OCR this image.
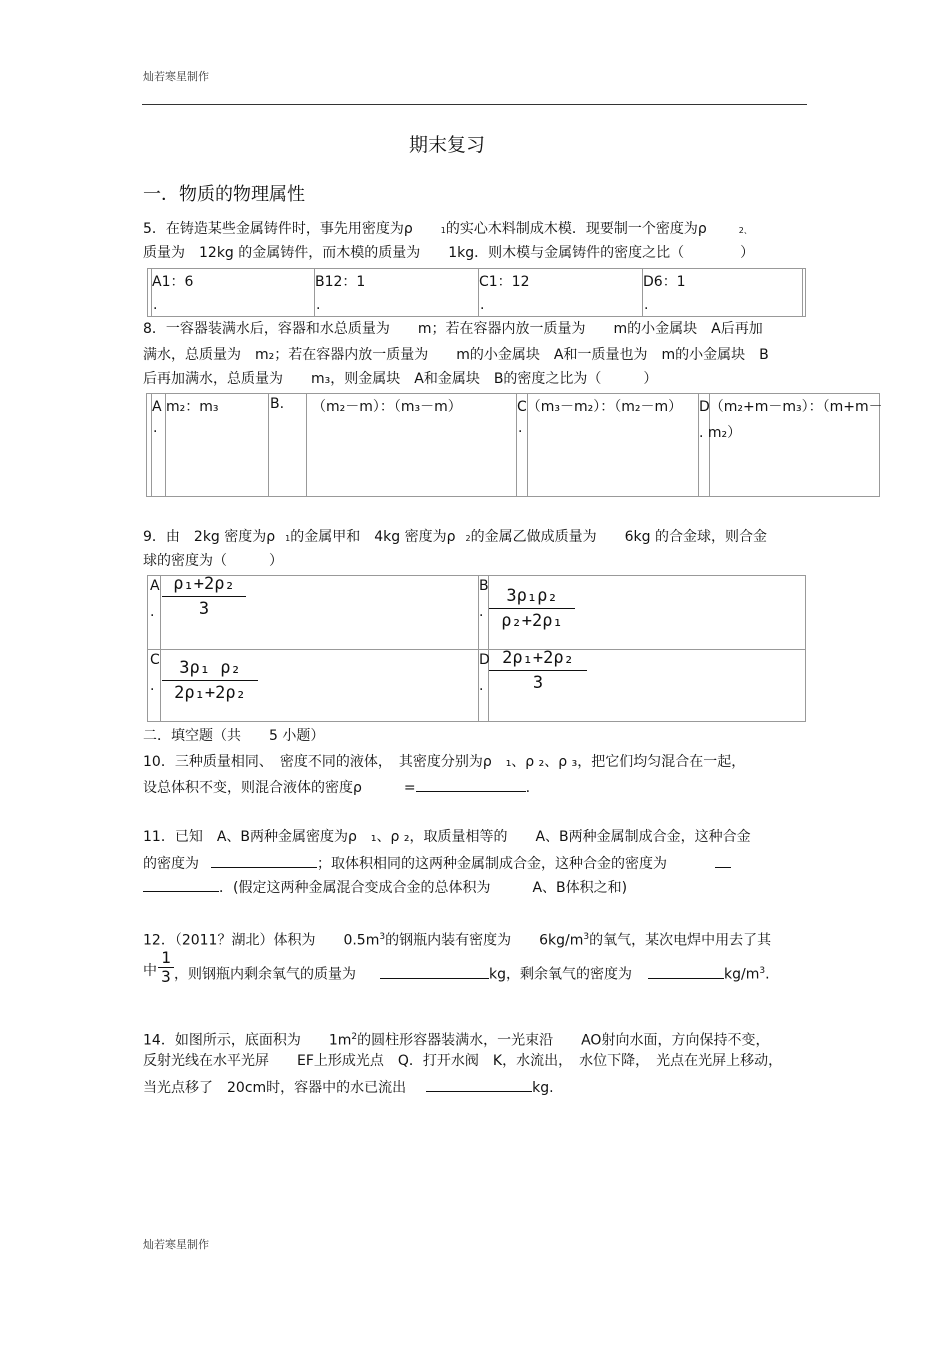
灿若寒星制作
期末复习
一．物质的物理属性
5．在铸造某些金属铸件时，事先用密度为ρ	1的实心木料制成木模．现要制一个密度为ρ	2、
质量为　12kg 的金属铸件，而木模的质量为　　1kg．则木模与金属铸件的密度之比（　　　　）
A1：6
.
B12：1
.
C1：12
.
D6：1
.
8．一容器装满水后，容器和水总质量为　　m；若在容器内放一质量为　　m的小金属块　A后再加
满水，总质量为　m₂；若在容器内放一质量为　　m的小金属块　A和一质量也为　m的小金属块　B
后再加满水，总质量为　　m₃，则金属块　A和金属块　B的密度之比为（　　　）
A m₂：m₃
.
B. （m₂－m）：（m₃－m）	C（m₃－m₂）：（m₂－m）
.
D（m₂+m－m₃）：（m+m－
. m₂）
9．由　2kg 密度为ρ 1的金属甲和　4kg 密度为ρ 2的金属乙做成质量为　　6kg 的合金球，则合金
球的密度为（　　　）
A
.
ρ₁+2ρ₂
3
B
.
3ρ₁ρ₂
ρ₂+2ρ₁
C
.
3ρ₁ ρ₂
2ρ₁+2ρ₂
D
.
2ρ₁+2ρ₂
3
二．填空题（共　　5 小题）
10．三种质量相同、　密度不同的液体，　其密度分别为ρ　₁、ρ ₂、ρ ₃，把它们均匀混合在一起，
设总体积不变，则混合液体的密度ρ　　　=	.
11．已知　A、B两种金属密度为ρ　₁、ρ ₂，取质量相等的　　A、B两种金属制成合金，这种合金
的密度为	；取体积相同的这两种金属制成合金，这种合金的密度为
．(假定这两种金属混合变成合金的总体积为　　　A、B体积之和)
12．（2011？湖北）体积为　　$0.5m^3$的钢瓶内装有密度为　　$6kg/m^3$的氧气，某次电焊中用去了其
中
1
3 ，则钢瓶内剩余氧气的质量为	kg，剩余氧气的密度为	$kg/m^3$.
14．如图所示，底面积为　　$1m^2$的圆柱形容器装满水，一光束沿　　AO射向水面，方向保持不变，
反射光线在水平光屏　　EF上形成光点　Q．打开水阀　K，水流出，　水位下降，　光点在光屏上移动，
当光点移了　20cm时，容器中的水已流出	kg.
灿若寒星制作
